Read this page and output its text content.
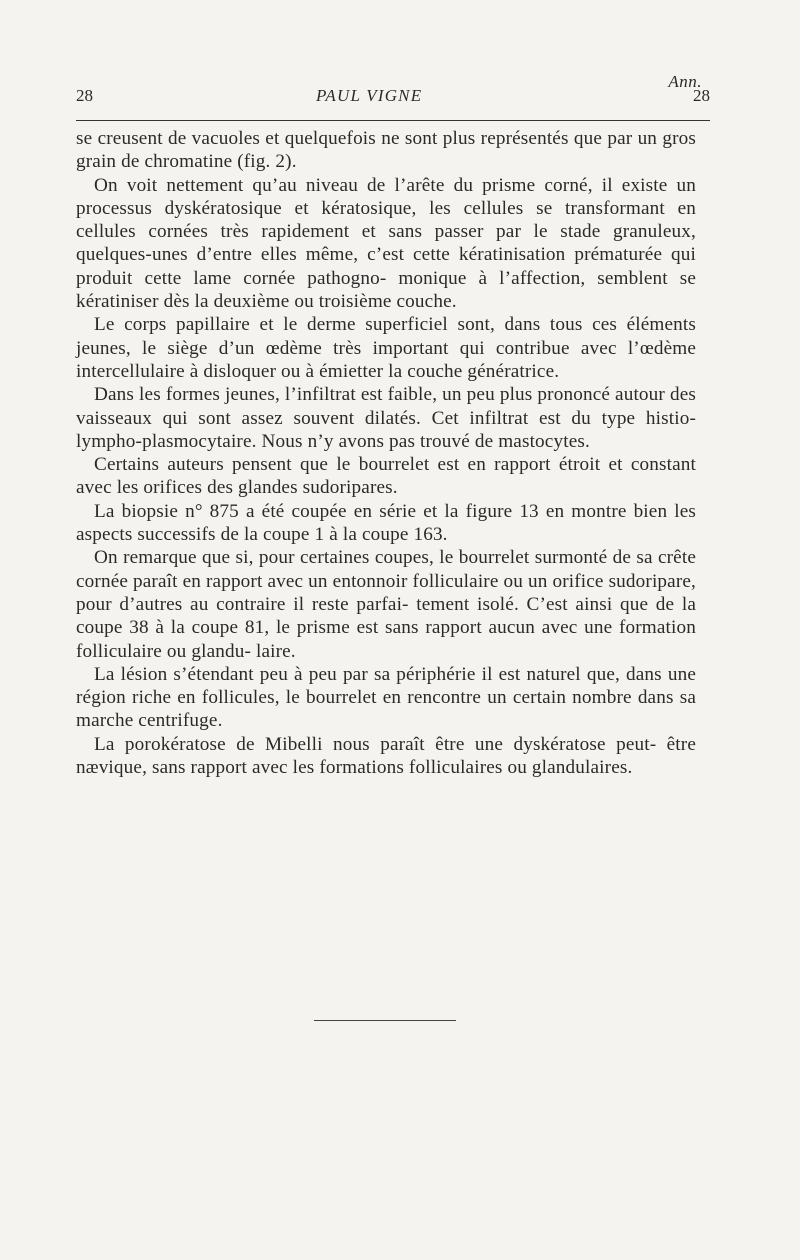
Ann.
28	PAUL VIGNE	28

se creusent de vacuoles et quelquefois ne sont plus représentés que par un gros grain de chromatine (fig. 2).

On voit nettement qu’au niveau de l’arête du prisme corné, il existe un processus dyskératosique et kératosique, les cellules se transformant en cellules cornées très rapidement et sans passer par le stade granuleux, quelques-unes d’entre elles même, c’est cette kératinisation prématurée qui produit cette lame cornée pathogno- monique à l’affection, semblent se kératiniser dès la deuxième ou troisième couche.

Le corps papillaire et le derme superficiel sont, dans tous ces éléments jeunes, le siège d’un œdème très important qui contribue avec l’œdème intercellulaire à disloquer ou à émietter la couche génératrice.

Dans les formes jeunes, l’infiltrat est faible, un peu plus prononcé autour des vaisseaux qui sont assez souvent dilatés. Cet infiltrat est du type histio-lympho-plasmocytaire. Nous n’y avons pas trouvé de mastocytes.

Certains auteurs pensent que le bourrelet est en rapport étroit et constant avec les orifices des glandes sudoripares.

La biopsie n° 875 a été coupée en série et la figure 13 en montre bien les aspects successifs de la coupe 1 à la coupe 163.

On remarque que si, pour certaines coupes, le bourrelet surmonté de sa crête cornée paraît en rapport avec un entonnoir folliculaire ou un orifice sudoripare, pour d’autres au contraire il reste parfai- tement isolé. C’est ainsi que de la coupe 38 à la coupe 81, le prisme est sans rapport aucun avec une formation folliculaire ou glandu- laire.

La lésion s’étendant peu à peu par sa périphérie il est naturel que, dans une région riche en follicules, le bourrelet en rencontre un certain nombre dans sa marche centrifuge.

La porokératose de Mibelli nous paraît être une dyskératose peut- être nævique, sans rapport avec les formations folliculaires ou glandulaires.
